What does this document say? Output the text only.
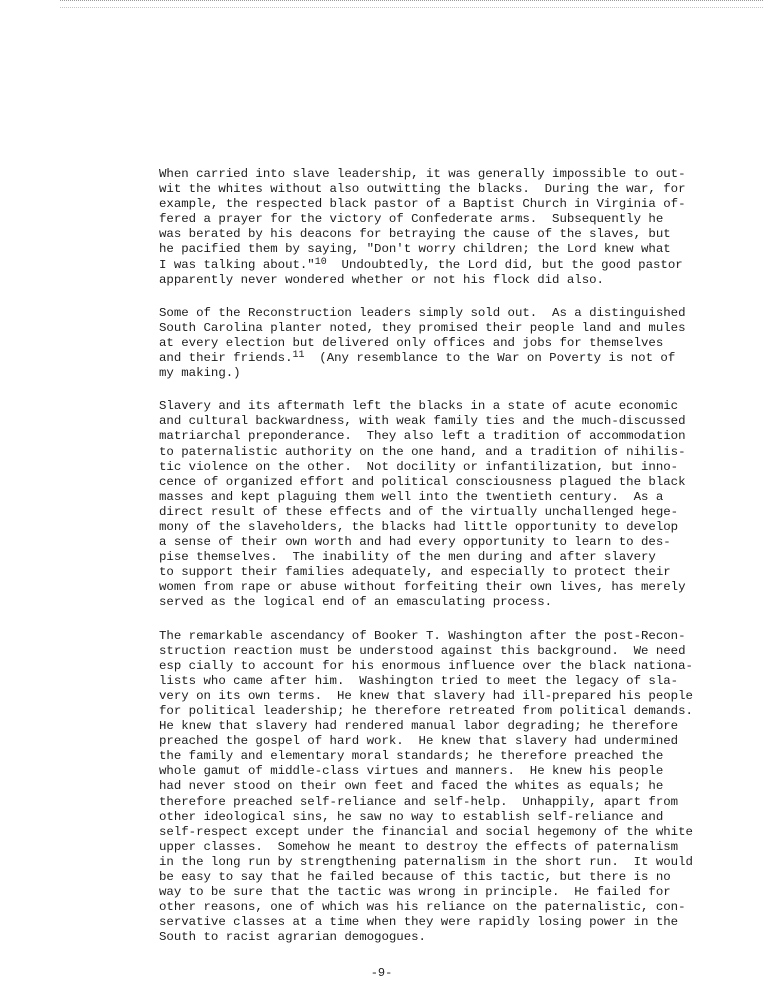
When carried into slave leadership, it was generally impossible to out-
wit the whites without also outwitting the blacks.  During the war, for
example, the respected black pastor of a Baptist Church in Virginia of-
fered a prayer for the victory of Confederate arms.  Subsequently he
was berated by his deacons for betraying the cause of the slaves, but
he pacified them by saying, "Don't worry children; the Lord knew what
I was talking about."$^{10}$  Undoubtedly, the Lord did, but the good pastor
apparently never wondered whether or not his flock did also.
Some of the Reconstruction leaders simply sold out.  As a distinguished
South Carolina planter noted, they promised their people land and mules
at every election but delivered only offices and jobs for themselves
and their friends.$^{11}$  (Any resemblance to the War on Poverty is not of
my making.)
Slavery and its aftermath left the blacks in a state of acute economic
and cultural backwardness, with weak family ties and the much-discussed
matriarchal preponderance.  They also left a tradition of accommodation
to paternalistic authority on the one hand, and a tradition of nihilis-
tic violence on the other.  Not docility or infantilization, but inno-
cence of organized effort and political consciousness plagued the black
masses and kept plaguing them well into the twentieth century.  As a
direct result of these effects and of the virtually unchallenged hege-
mony of the slaveholders, the blacks had little opportunity to develop
a sense of their own worth and had every opportunity to learn to des-
pise themselves.  The inability of the men during and after slavery
to support their families adequately, and especially to protect their
women from rape or abuse without forfeiting their own lives, has merely
served as the logical end of an emasculating process.
The remarkable ascendancy of Booker T. Washington after the post-Recon-
struction reaction must be understood against this background.  We need
esp cially to account for his enormous influence over the black nationa-
lists who came after him.  Washington tried to meet the legacy of sla-
very on its own terms.  He knew that slavery had ill-prepared his people
for political leadership; he therefore retreated from political demands.
He knew that slavery had rendered manual labor degrading; he therefore
preached the gospel of hard work.  He knew that slavery had undermined
the family and elementary moral standards; he therefore preached the
whole gamut of middle-class virtues and manners.  He knew his people
had never stood on their own feet and faced the whites as equals; he
therefore preached self-reliance and self-help.  Unhappily, apart from
other ideological sins, he saw no way to establish self-reliance and
self-respect except under the financial and social hegemony of the white
upper classes.  Somehow he meant to destroy the effects of paternalism
in the long run by strengthening paternalism in the short run.  It would
be easy to say that he failed because of this tactic, but there is no
way to be sure that the tactic was wrong in principle.  He failed for
other reasons, one of which was his reliance on the paternalistic, con-
servative classes at a time when they were rapidly losing power in the
South to racist agrarian demogogues.
-9-
